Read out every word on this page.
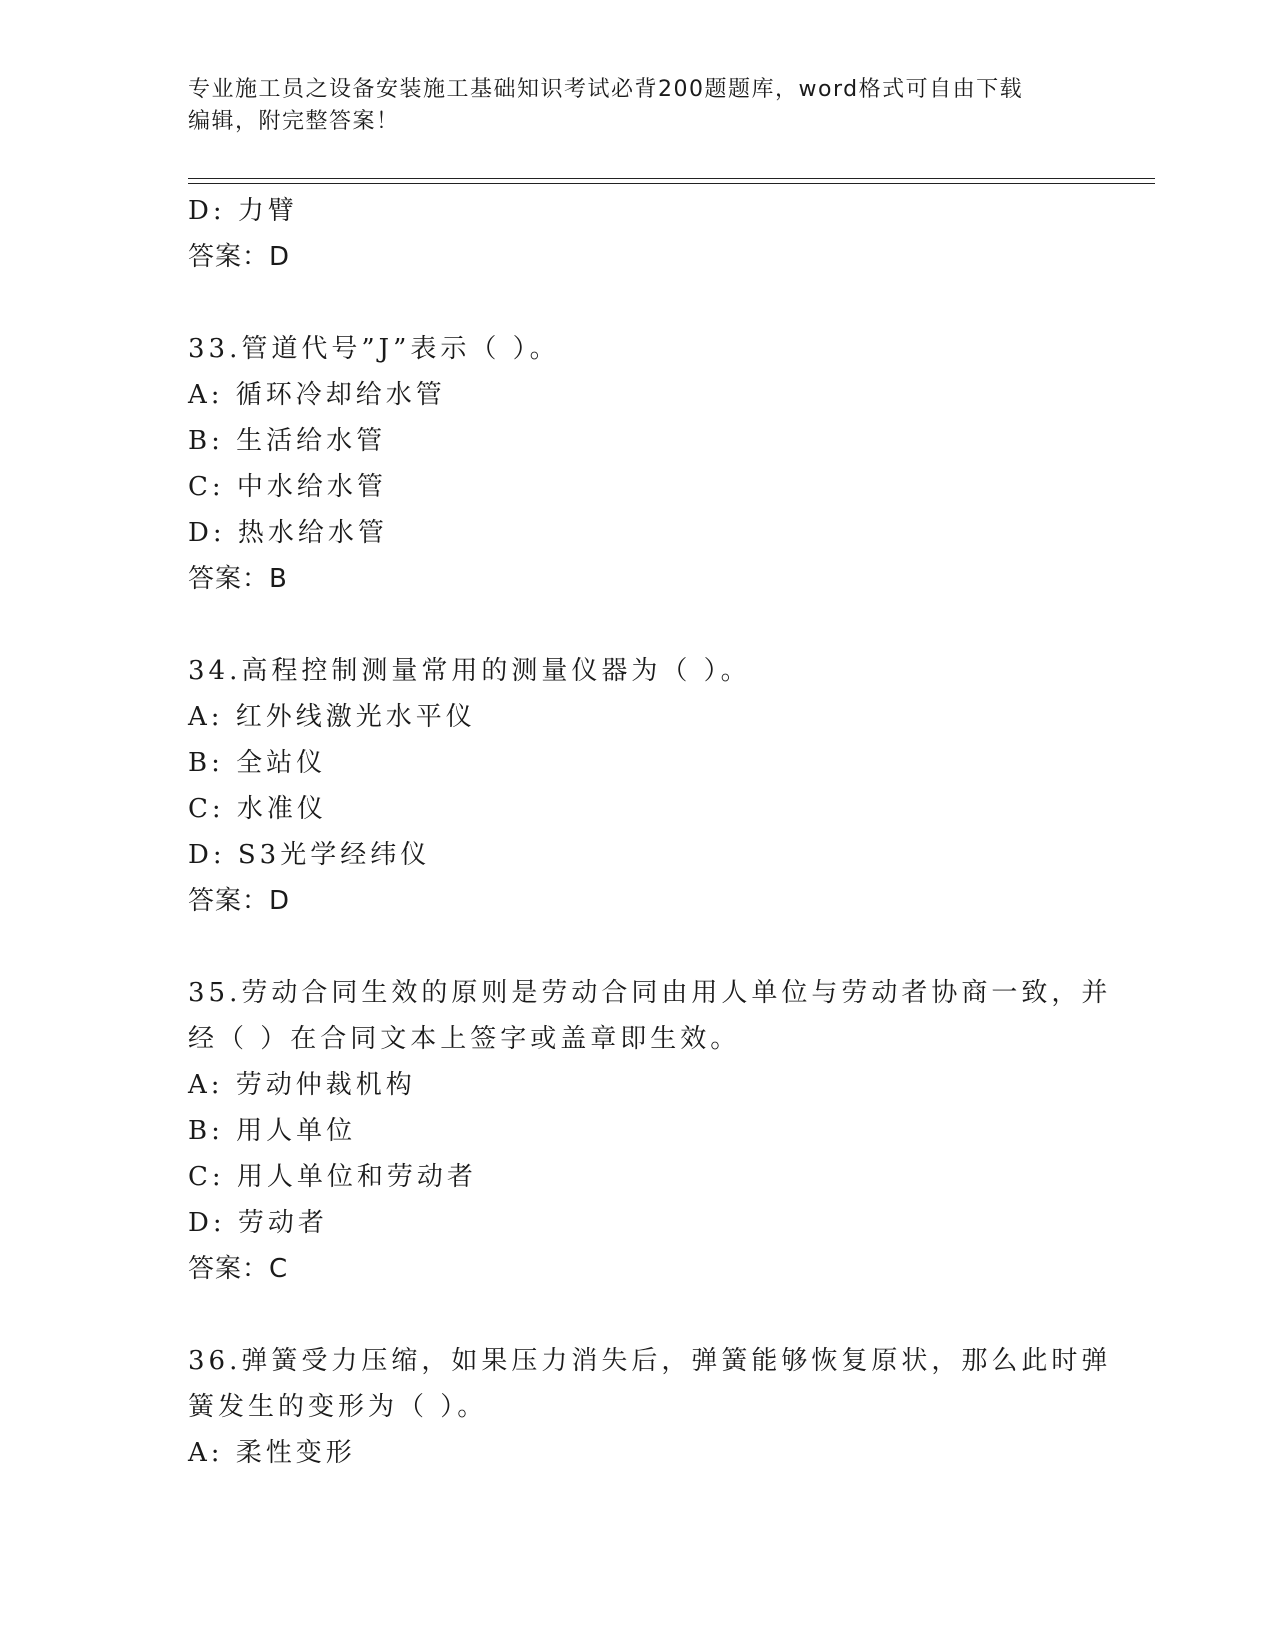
专业施工员之设备安装施工基础知识考试必背200题题库，word格式可自由下载
编辑，附完整答案！
D: 力臂
答案：D
33.管道代号”J”表示（ ）。
A: 循环冷却给水管
B: 生活给水管
C: 中水给水管
D: 热水给水管
答案：B
34.高程控制测量常用的测量仪器为（ ）。
A: 红外线激光水平仪
B: 全站仪
C: 水准仪
D: S3光学经纬仪
答案：D
35.劳动合同生效的原则是劳动合同由用人单位与劳动者协商一致，并
经（ ）在合同文本上签字或盖章即生效。
A: 劳动仲裁机构
B: 用人单位
C: 用人单位和劳动者
D: 劳动者
答案：C
36.弹簧受力压缩，如果压力消失后，弹簧能够恢复原状，那么此时弹
簧发生的变形为（ ）。
A: 柔性变形
